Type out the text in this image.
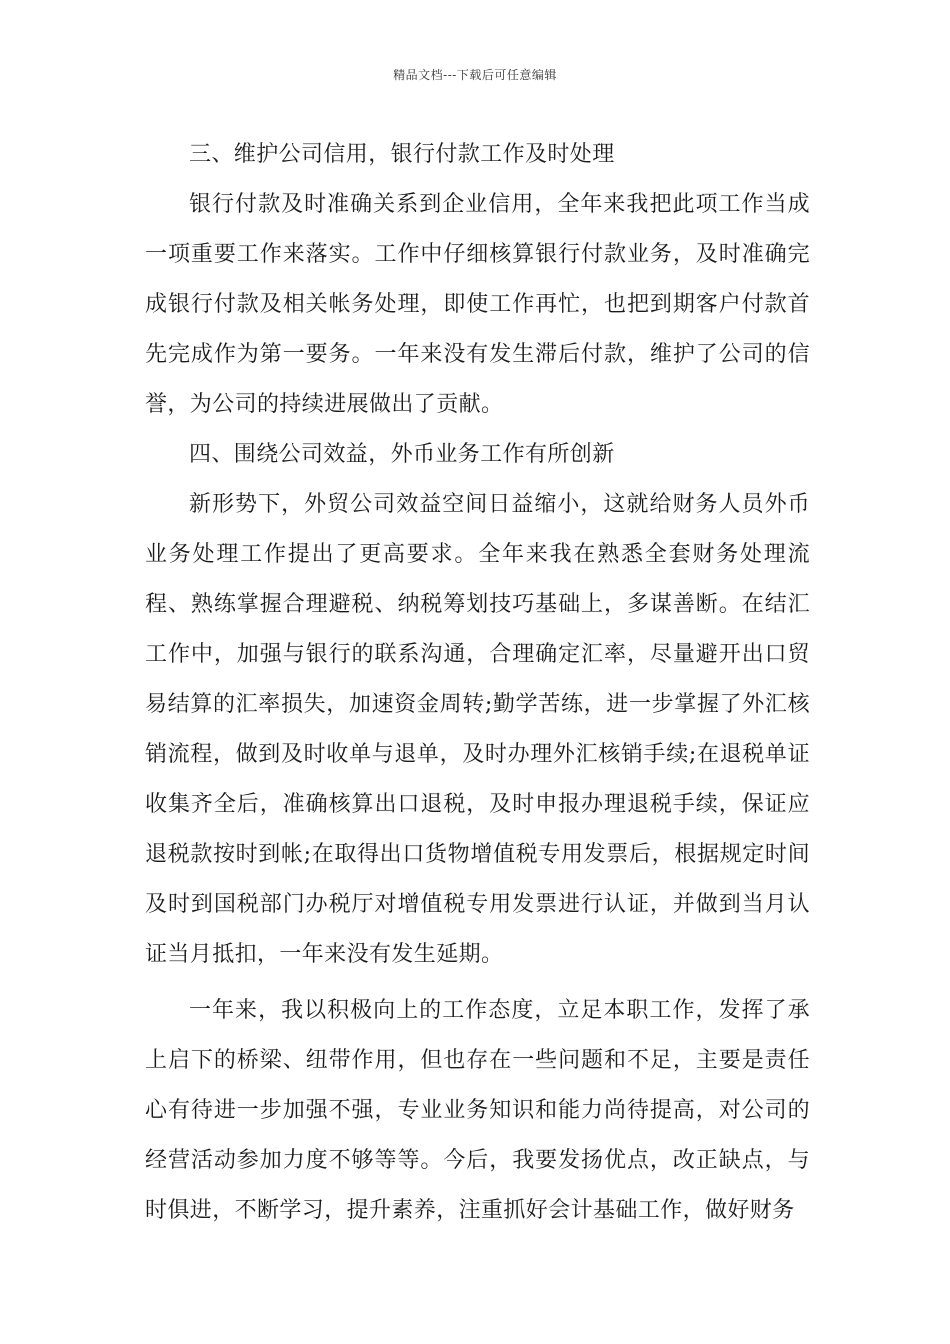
精品文档---下载后可任意编辑

三、维护公司信用，银行付款工作及时处理

银行付款及时准确关系到企业信用，全年来我把此项工作当成一项重要工作来落实。工作中仔细核算银行付款业务，及时准确完成银行付款及相关帐务处理，即使工作再忙，也把到期客户付款首先完成作为第一要务。一年来没有发生滞后付款，维护了公司的信誉，为公司的持续进展做出了贡献。

四、围绕公司效益，外币业务工作有所创新

新形势下，外贸公司效益空间日益缩小，这就给财务人员外币业务处理工作提出了更高要求。全年来我在熟悉全套财务处理流程、熟练掌握合理避税、纳税筹划技巧基础上，多谋善断。在结汇工作中，加强与银行的联系沟通，合理确定汇率，尽量避开出口贸易结算的汇率损失，加速资金周转;勤学苦练，进一步掌握了外汇核销流程，做到及时收单与退单，及时办理外汇核销手续;在退税单证收集齐全后，准确核算出口退税，及时申报办理退税手续，保证应退税款按时到帐;在取得出口货物增值税专用发票后，根据规定时间及时到国税部门办税厅对增值税专用发票进行认证，并做到当月认证当月抵扣，一年来没有发生延期。

一年来，我以积极向上的工作态度，立足本职工作，发挥了承上启下的桥梁、纽带作用，但也存在一些问题和不足，主要是责任心有待进一步加强不强，专业业务知识和能力尚待提高，对公司的经营活动参加力度不够等等。今后，我要发扬优点，改正缺点，与时俱进，不断学习，提升素养，注重抓好会计基础工作，做好财务
